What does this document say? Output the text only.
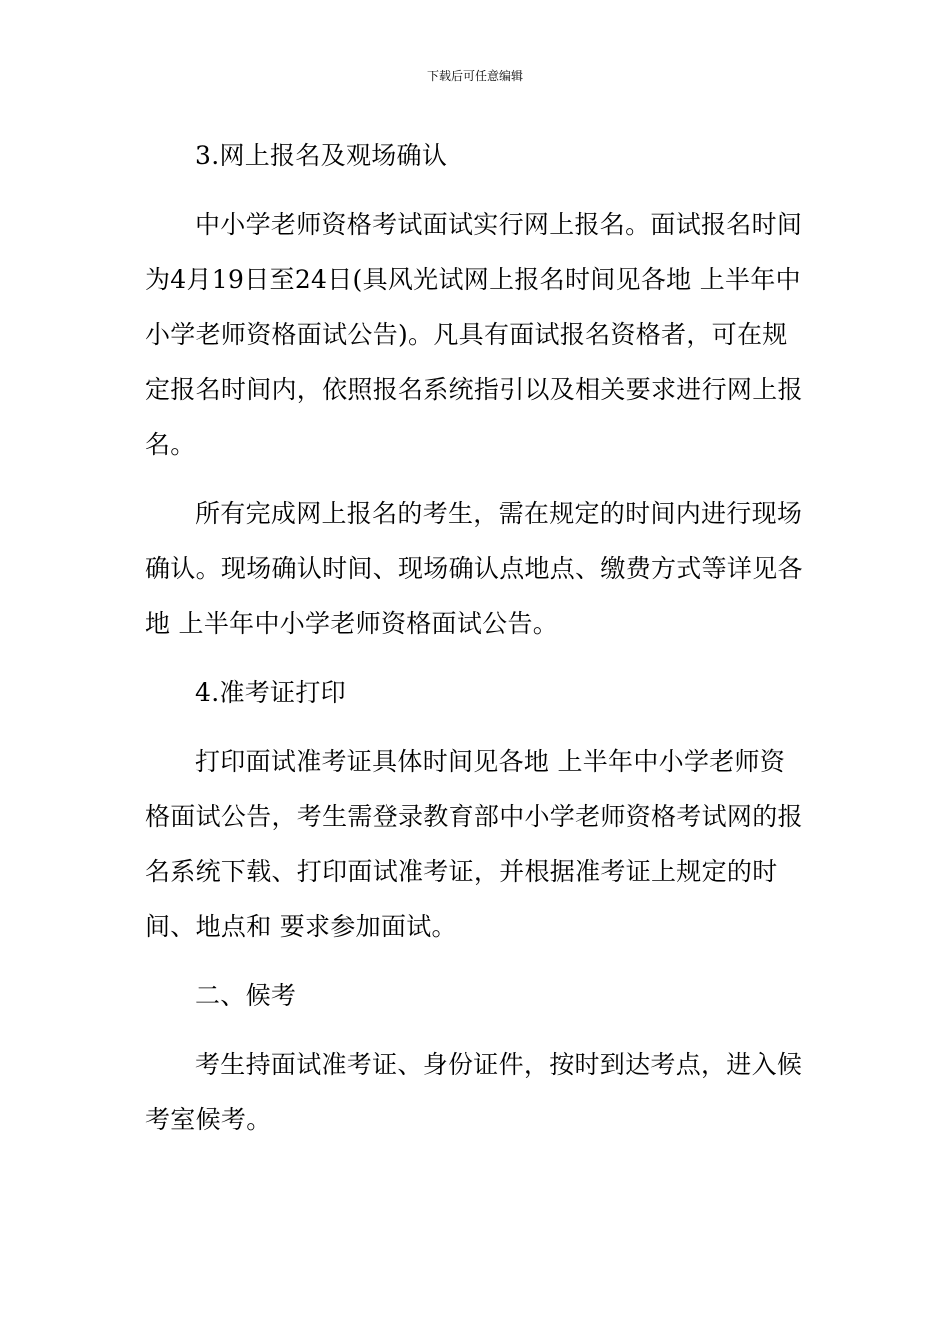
下载后可任意编辑

3.网上报名及观场确认

中小学老师资格考试面试实行网上报名。面试报名时间为4月19日至24日(具风光试网上报名时间见各地 上半年中小学老师资格面试公告)。凡具有面试报名资格者，可在规定报名时间内，依照报名系统指引以及相关要求进行网上报名。

所有完成网上报名的考生，需在规定的时间内进行现场确认。现场确认时间、现场确认点地点、缴费方式等详见各地 上半年中小学老师资格面试公告。

4.准考证打印

打印面试准考证具体时间见各地 上半年中小学老师资格面试公告，考生需登录教育部中小学老师资格考试网的报名系统下载、打印面试准考证，并根据准考证上规定的时间、地点和 要求参加面试。

二、候考

考生持面试准考证、身份证件，按时到达考点，进入候考室候考。
